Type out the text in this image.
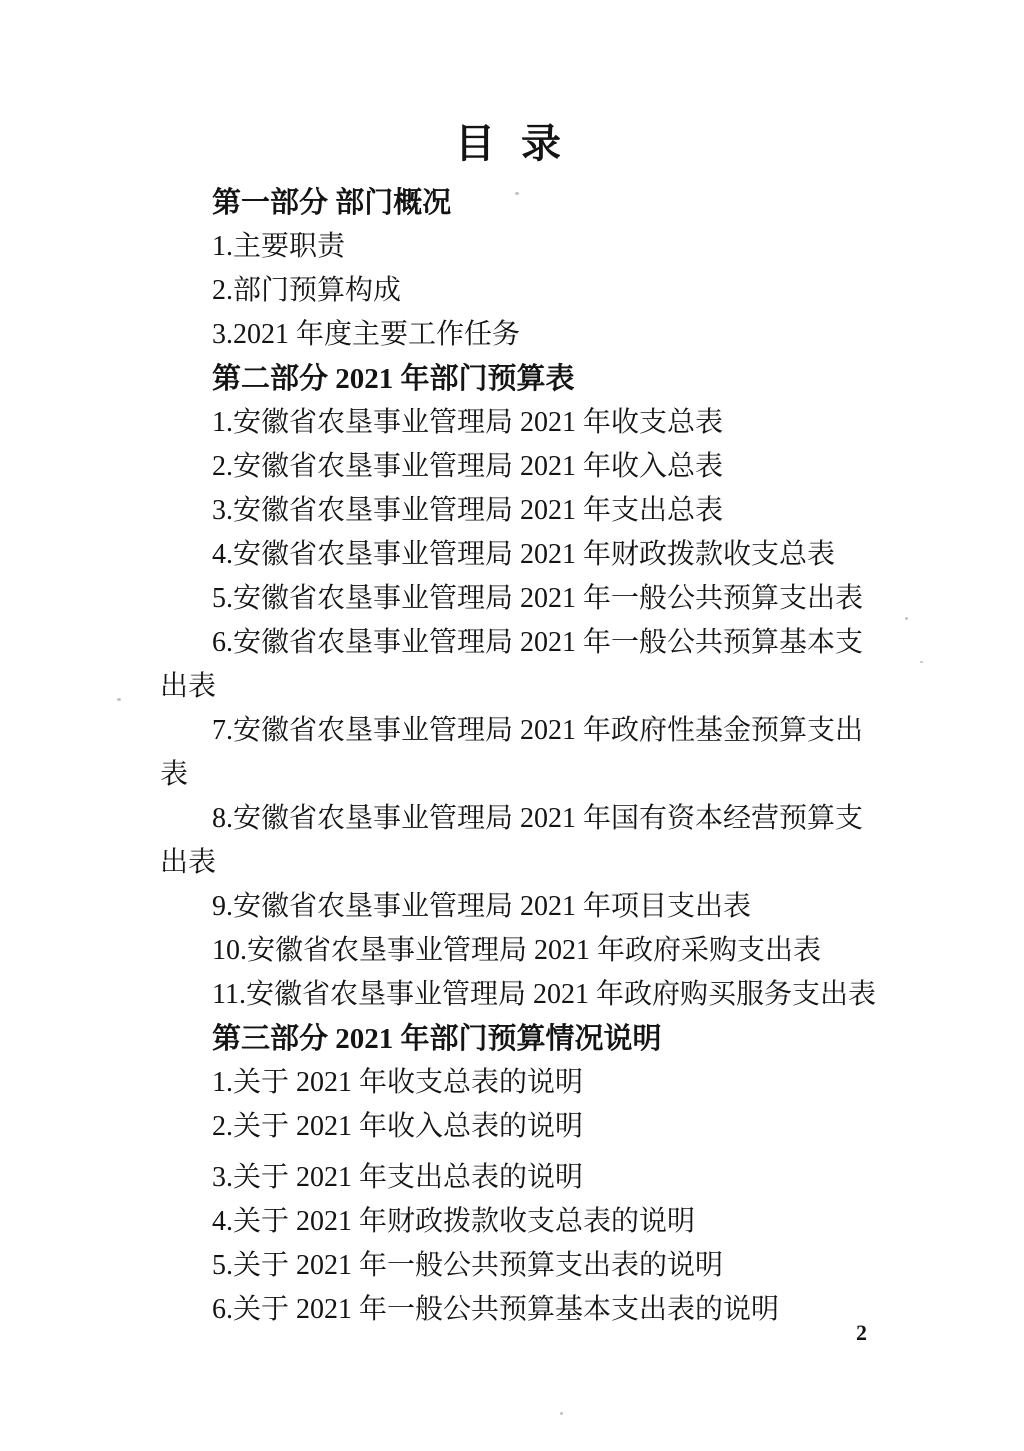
目 录
第一部分 部门概况
1.主要职责
2.部门预算构成
3.2021 年度主要工作任务
第二部分 2021 年部门预算表
1.安徽省农垦事业管理局 2021 年收支总表
2.安徽省农垦事业管理局 2021 年收入总表
3.安徽省农垦事业管理局 2021 年支出总表
4.安徽省农垦事业管理局 2021 年财政拨款收支总表
5.安徽省农垦事业管理局 2021 年一般公共预算支出表
6.安徽省农垦事业管理局 2021 年一般公共预算基本支
出表
7.安徽省农垦事业管理局 2021 年政府性基金预算支出
表
8.安徽省农垦事业管理局 2021 年国有资本经营预算支
出表
9.安徽省农垦事业管理局 2021 年项目支出表
10.安徽省农垦事业管理局 2021 年政府采购支出表
11.安徽省农垦事业管理局 2021 年政府购买服务支出表
第三部分 2021 年部门预算情况说明
1.关于 2021 年收支总表的说明
2.关于 2021 年收入总表的说明
3.关于 2021 年支出总表的说明
4.关于 2021 年财政拨款收支总表的说明
5.关于 2021 年一般公共预算支出表的说明
6.关于 2021 年一般公共预算基本支出表的说明
2
